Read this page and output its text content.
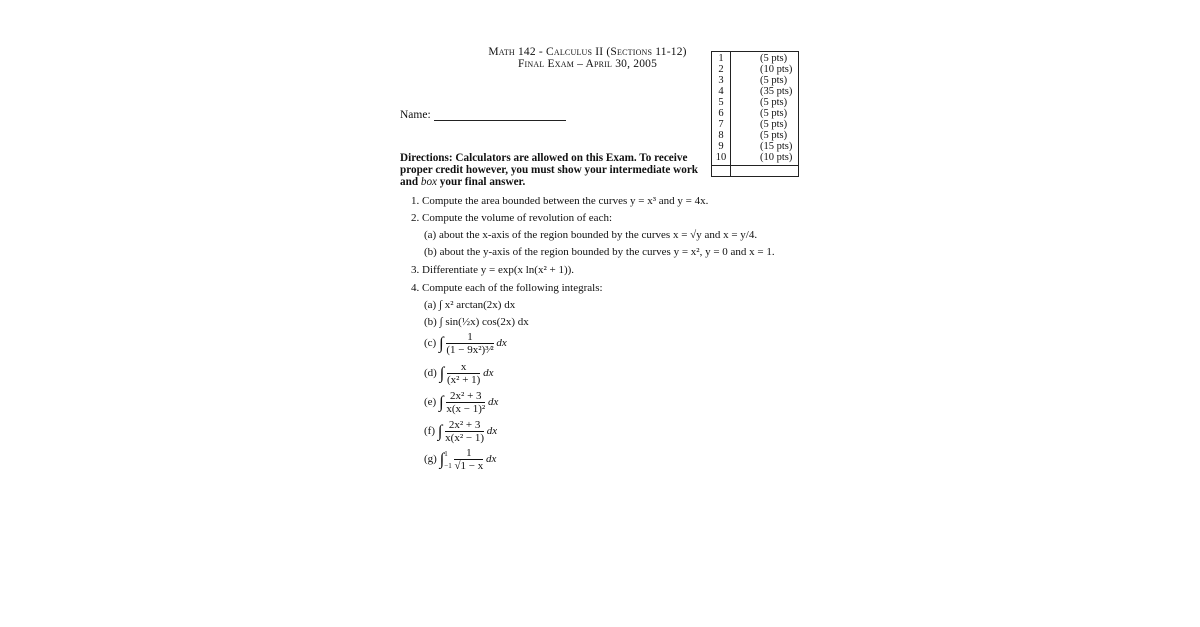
Math 142 - Calculus II (Sections 11-12)
Final Exam – April 30, 2005	1
2
3
4
5
6
7
8
9
10
(5 pts)
(10 pts)
(5 pts)
(35 pts)
(5 pts)
(5 pts)
(5 pts)
(5 pts)
(15 pts)
(10 pts)
Name:
Directions: Calculators are allowed on this Exam. To receive proper credit however, you must show your intermediate work and box your final answer.
1. Compute the area bounded between the curves y = x³ and y = 4x.
2. Compute the volume of revolution of each:
(a) about the x-axis of the region bounded by the curves x = √y and x = y/4.
(b) about the y-axis of the region bounded by the curves y = x², y = 0 and x = 1.
3. Differentiate y = exp(x ln(x² + 1)).
4. Compute each of the following integrals:
(a) ∫ x² arctan(2x) dx
(b) ∫ sin(½x) cos(2x) dx
(c) ∫ $\frac{1}{\text{(1 − 9x²)³⁄²}}$ dx
(d) ∫ $\frac{x}{\text{(x² + 1)}}$ dx
(e) ∫ $\frac{\text{2x² + 3}}{\text{x(x − 1)²}}$ dx
(f) ∫ $\frac{\text{2x² + 3}}{\text{x(x² − 1)}}$ dx
(g) ∫ 1
−1
$\frac{1}{√1 - x}$ dx
